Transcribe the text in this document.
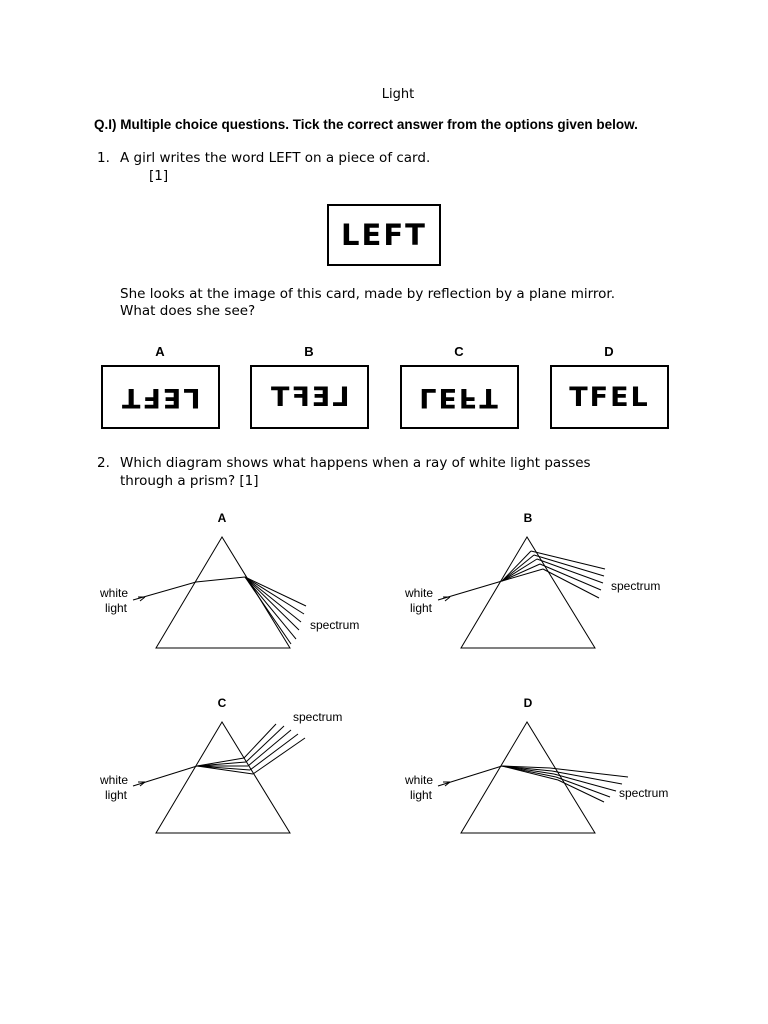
Light
Q.I) Multiple choice questions. Tick the correct answer from the options given below.
1. A girl writes the word LEFT on a piece of card.
[1]
LEFT
She looks at the image of this card, made by reflection by a plane mirror.
What does she see?
A	B	C	D
LEFT	LEFT	LEFT	TFEL
2. Which diagram shows what happens when a ray of white light passes
through a prism? [1]
A	B
C	D
white
light
spectrum
white
light
spectrum
white
light
spectrum
white
light	spectrum
